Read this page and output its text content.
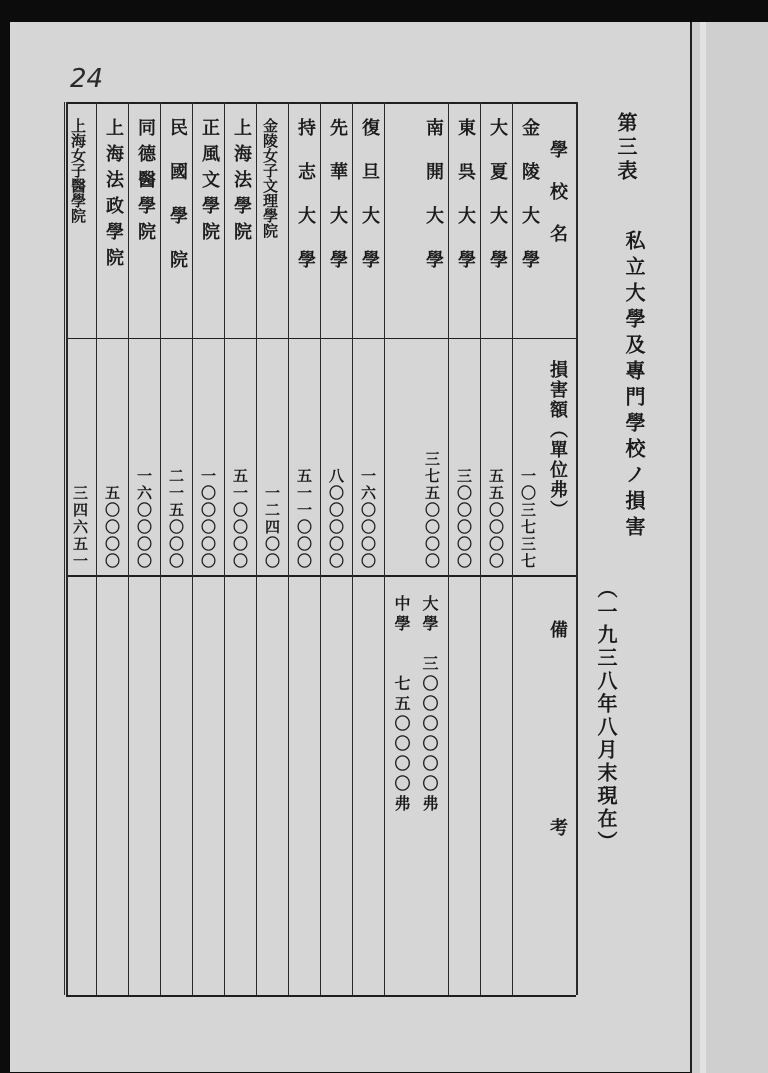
24
第三表
私立大學及專門學校ノ損害
（一九三八年八月末現在）
學校名
損害額（單位弗）
備考
金陵大學
一〇三七三七
大夏大學
五五〇〇〇〇
東呉大學
三〇〇〇〇〇
南開大學
三七五〇〇〇〇
大學　三〇〇〇〇〇〇弗
中學　　七五〇〇〇〇弗
復旦大學
一六〇〇〇〇
先華大學
八〇〇〇〇〇
持志大學
五一一〇〇〇
金陵女子文理學院
一二四〇〇
上海法學院
五一〇〇〇〇
正風文學院
一〇〇〇〇〇
民國學院
二一五〇〇〇
同德醫學院
一六〇〇〇〇
上海法政學院
五〇〇〇〇
上海女子醫學院
三四六五一
